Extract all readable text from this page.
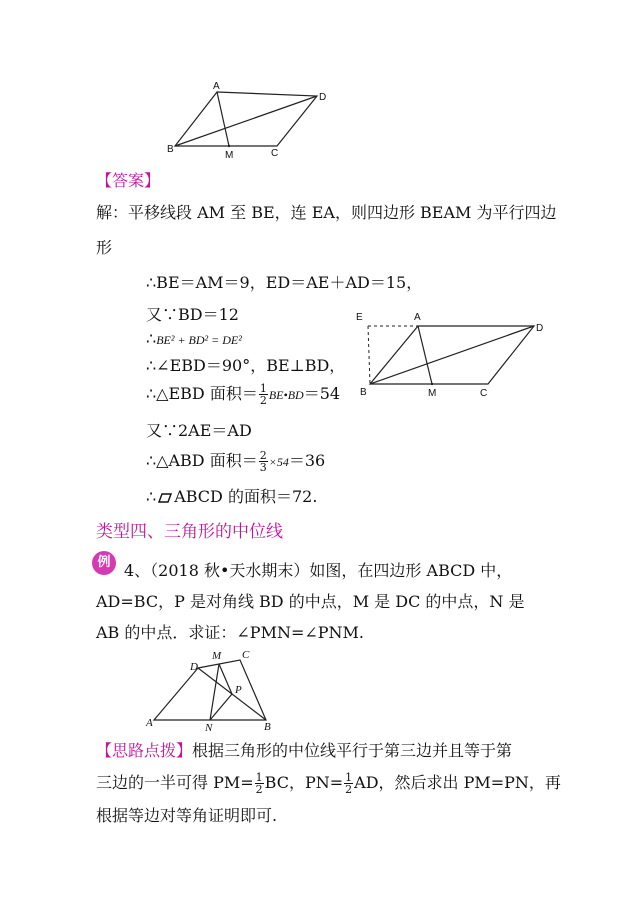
A
D
B
M	C
【答案】
解：平移线段 AM 至 BE，连 EA，则四边形 BEAM 为平行四边
形
∴BE＝AM＝9，ED＝AE＋AD＝15，
又∵BD＝12
∴BE² + BD² = DE²
∴∠EBD＝90°，BE⊥BD，
∴△EBD 面积＝ $\frac{1}{2}$ BE•BD＝54
又∵2AE＝AD
∴△ABD 面积＝ $\frac{2}{3} \times 54=36$
∴ ABCD 的面积＝72.
E	A
D
B	M	C
类型四、三角形的中位线
例 4、（2018 秋•天水期末）如图，在四边形 ABCD 中，
AD=BC，P 是对角线 BD 的中点，M 是 DC 的中点，N 是
AB 的中点．求证：∠PMN=∠PNM.
D
M C
P
A	N	B
【思路点拨】根据三角形的中位线平行于第三边并且等于第
三边的一半可得 $PM= \frac{1}{2}$ BC，$PN= \frac{1}{2}$ AD，然后求出 PM=PN，再
根据等边对等角证明即可.
